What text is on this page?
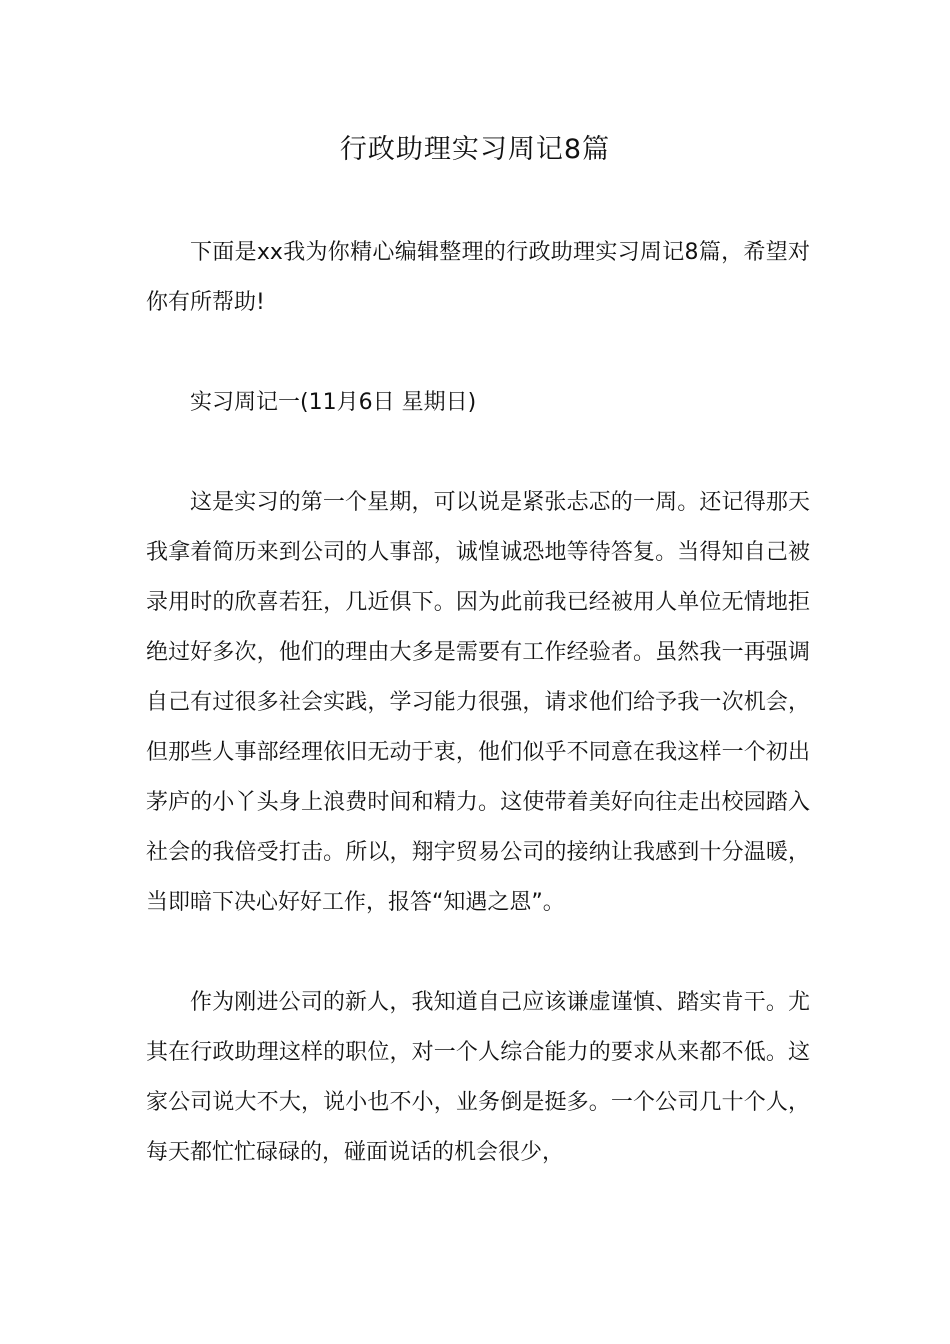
行政助理实习周记8篇

下面是xx我为你精心编辑整理的行政助理实习周记8篇，希望对你有所帮助!

实习周记一(11月6日 星期日)

这是实习的第一个星期，可以说是紧张忐忑的一周。还记得那天我拿着简历来到公司的人事部，诚惶诚恐地等待答复。当得知自己被录用时的欣喜若狂，几近俱下。因为此前我已经被用人单位无情地拒绝过好多次，他们的理由大多是需要有工作经验者。虽然我一再强调自己有过很多社会实践，学习能力很强，请求他们给予我一次机会，但那些人事部经理依旧无动于衷，他们似乎不同意在我这样一个初出茅庐的小丫头身上浪费时间和精力。这使带着美好向往走出校园踏入社会的我倍受打击。所以，翔宇贸易公司的接纳让我感到十分温暖，当即暗下决心好好工作，报答“知遇之恩”。

作为刚进公司的新人，我知道自己应该谦虚谨慎、踏实肯干。尤其在行政助理这样的职位，对一个人综合能力的要求从来都不低。这家公司说大不大，说小也不小，业务倒是挺多。一个公司几十个人，每天都忙忙碌碌的，碰面说话的机会很少，
